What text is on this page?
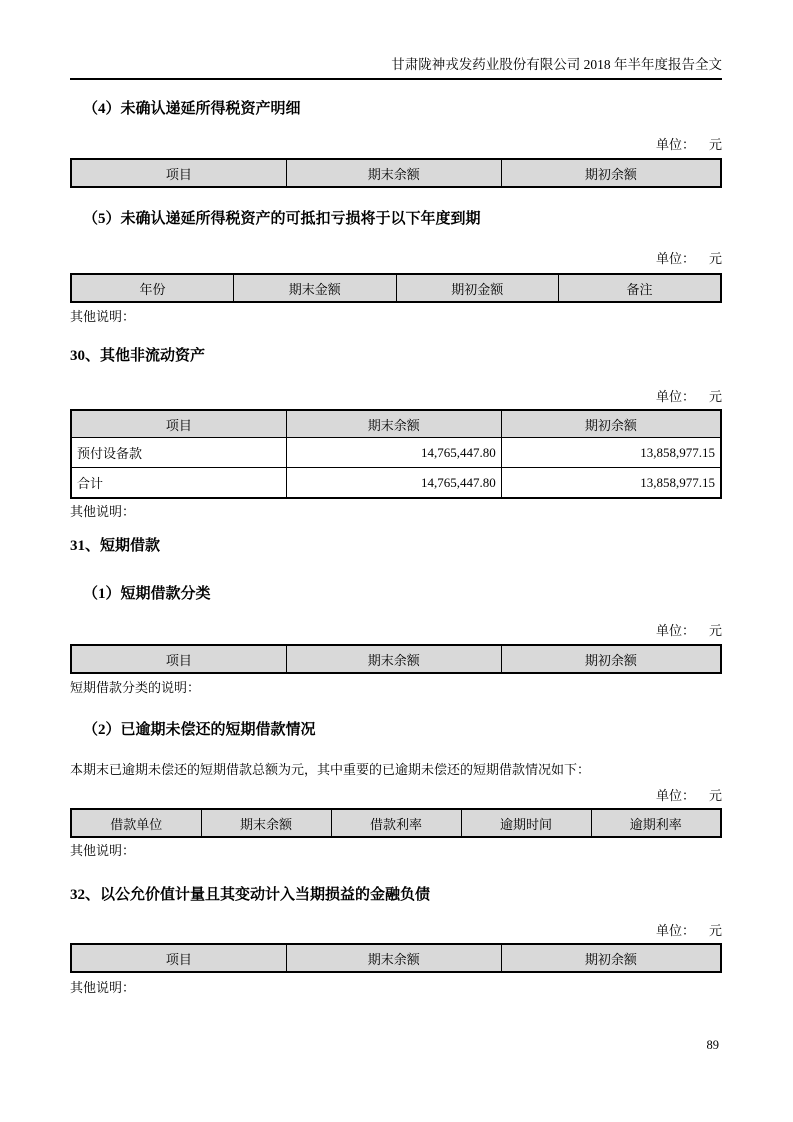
甘肃陇神戎发药业股份有限公司 2018 年半年度报告全文
（4）未确认递延所得税资产明细
单位： 元
项目	期末余额	期初余额
（5）未确认递延所得税资产的可抵扣亏损将于以下年度到期
单位： 元
年份	期末金额	期初金额	备注
其他说明：
30、其他非流动资产
单位： 元
项目	期末余额	期初余额
预付设备款	14,765,447.80	13,858,977.15
合计	14,765,447.80	13,858,977.15
其他说明：
31、短期借款
（1）短期借款分类
单位： 元
项目	期末余额	期初余额
短期借款分类的说明：
（2）已逾期未偿还的短期借款情况
本期末已逾期未偿还的短期借款总额为元，其中重要的已逾期未偿还的短期借款情况如下：
单位： 元
借款单位	期末余额	借款利率	逾期时间	逾期利率
其他说明：
32、以公允价值计量且其变动计入当期损益的金融负债
单位： 元
项目	期末余额	期初余额
其他说明：
89
